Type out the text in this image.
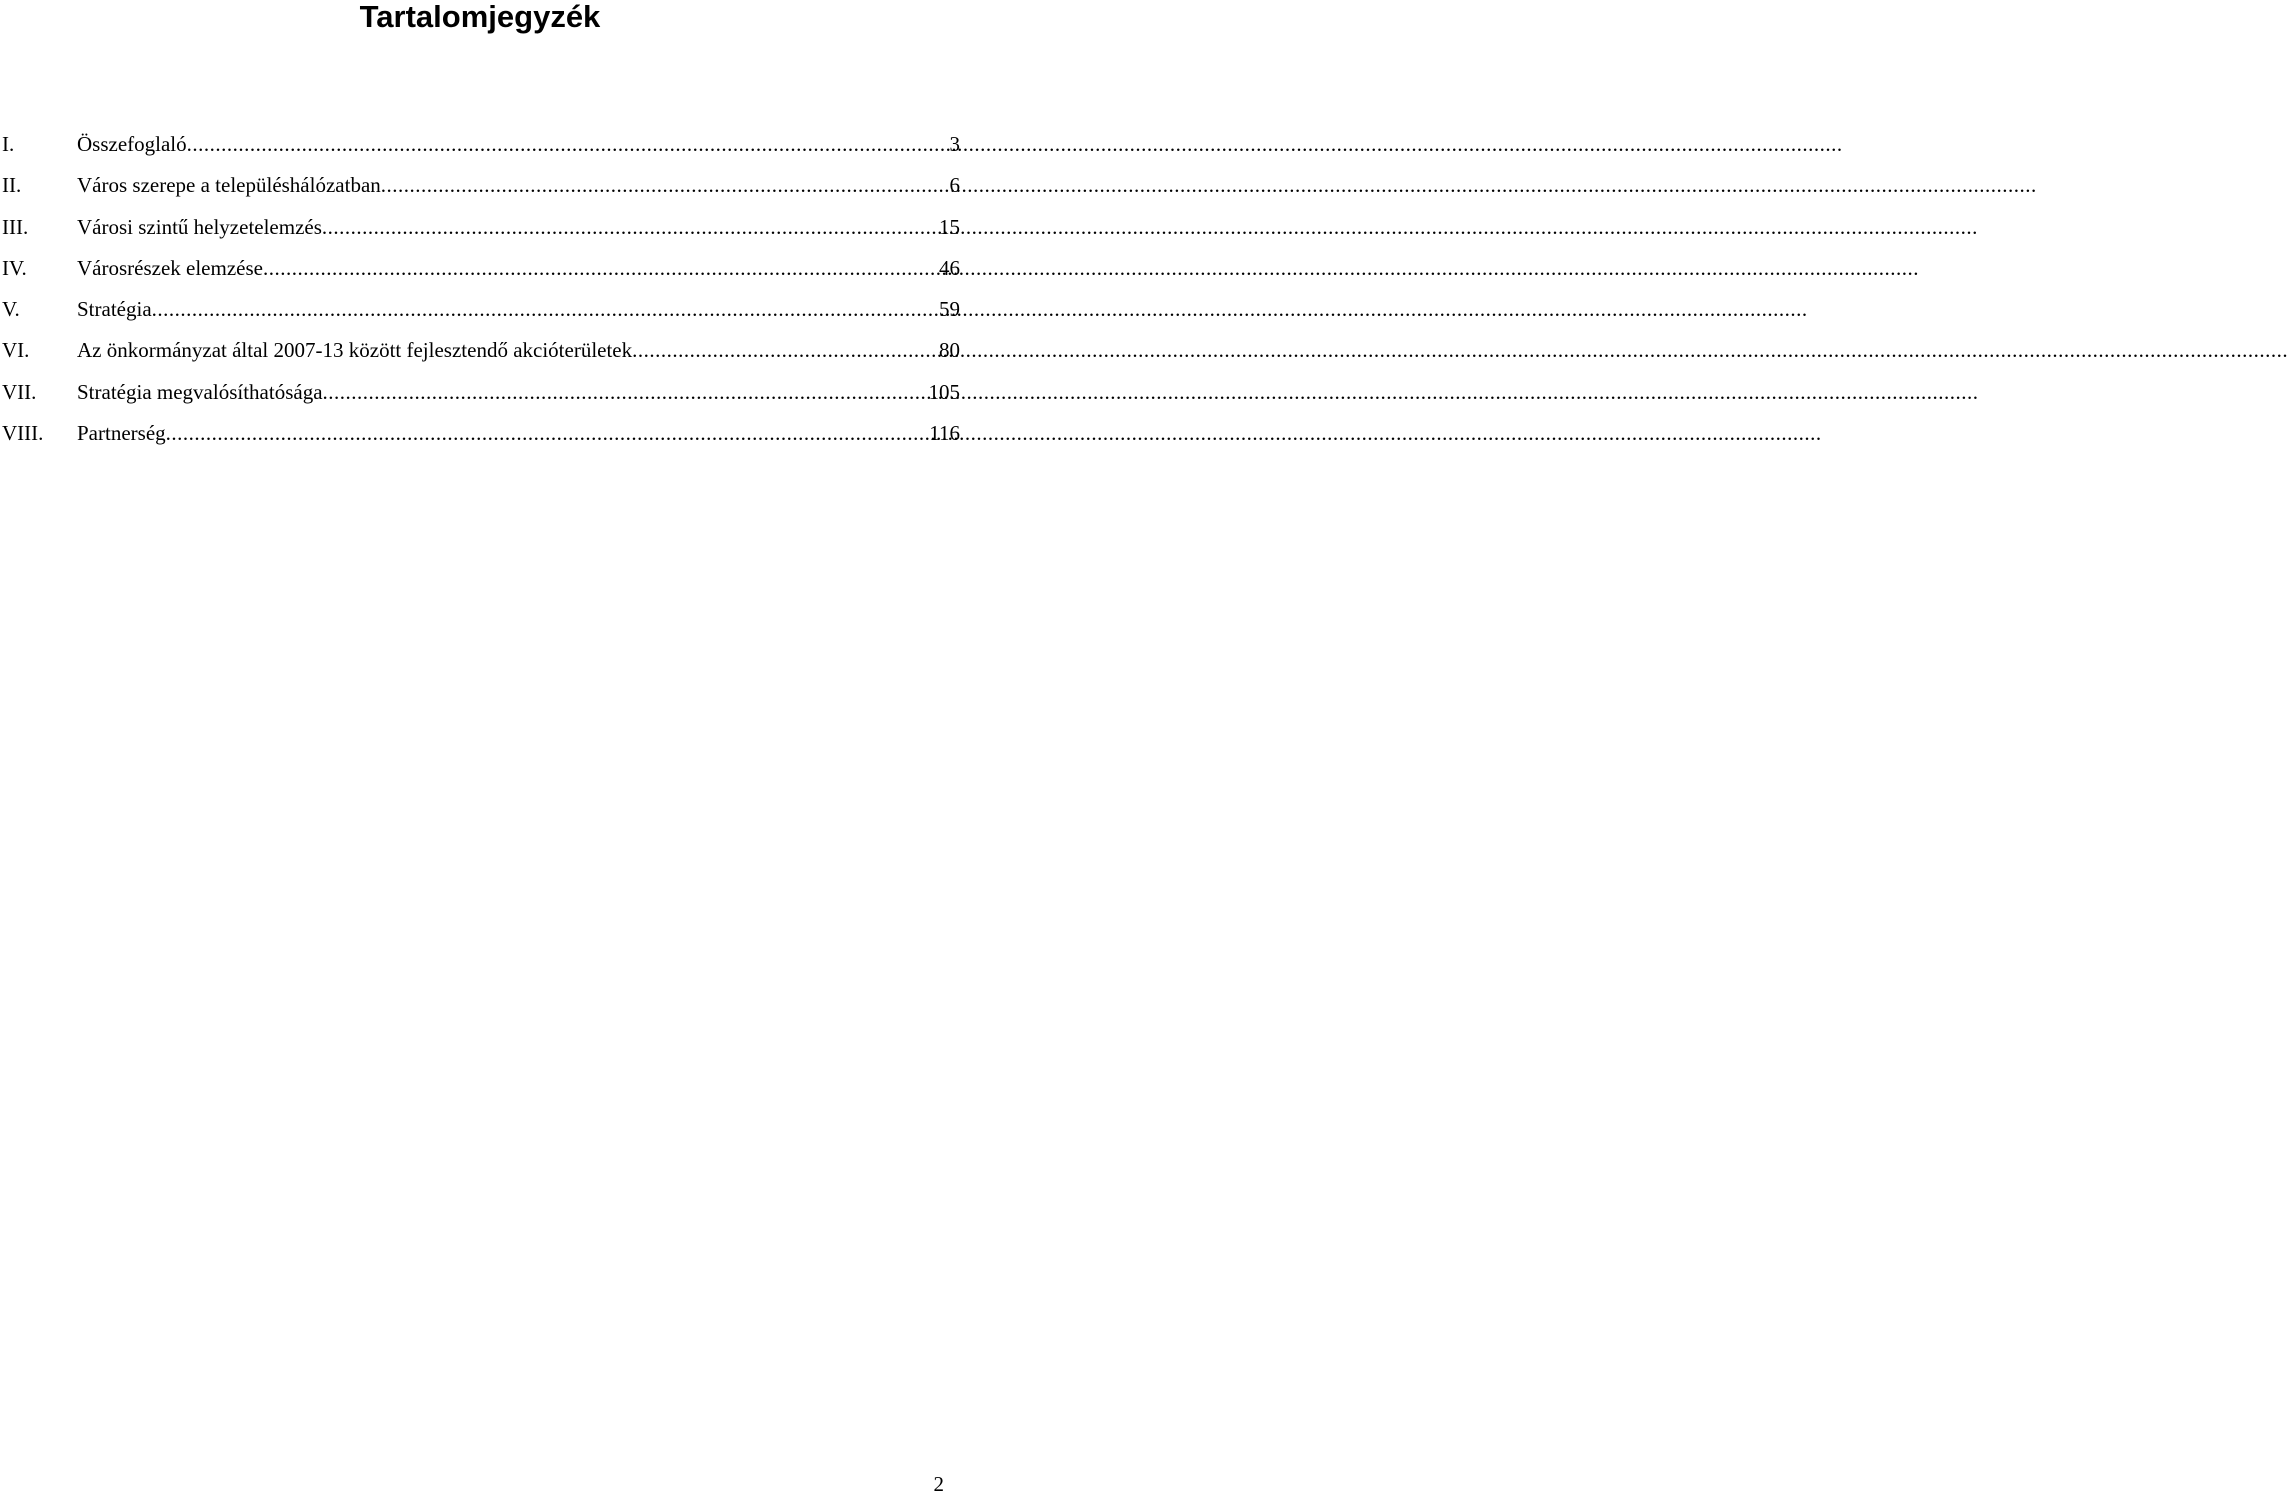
Tartalomjegyzék
I.	Összefoglaló .....	3
II.	Város szerepe a településhálózatban .....	6
III.	Városi szintű helyzetelemzés .....	15
IV.	Városrészek elemzése .....	46
V.	Stratégia .....	59
VI.	Az önkormányzat által 2007-13 között fejlesztendő akcióterületek .....	80
VII.	Stratégia megvalósíthatósága .....	105
VIII.	Partnerség .....	116
2
